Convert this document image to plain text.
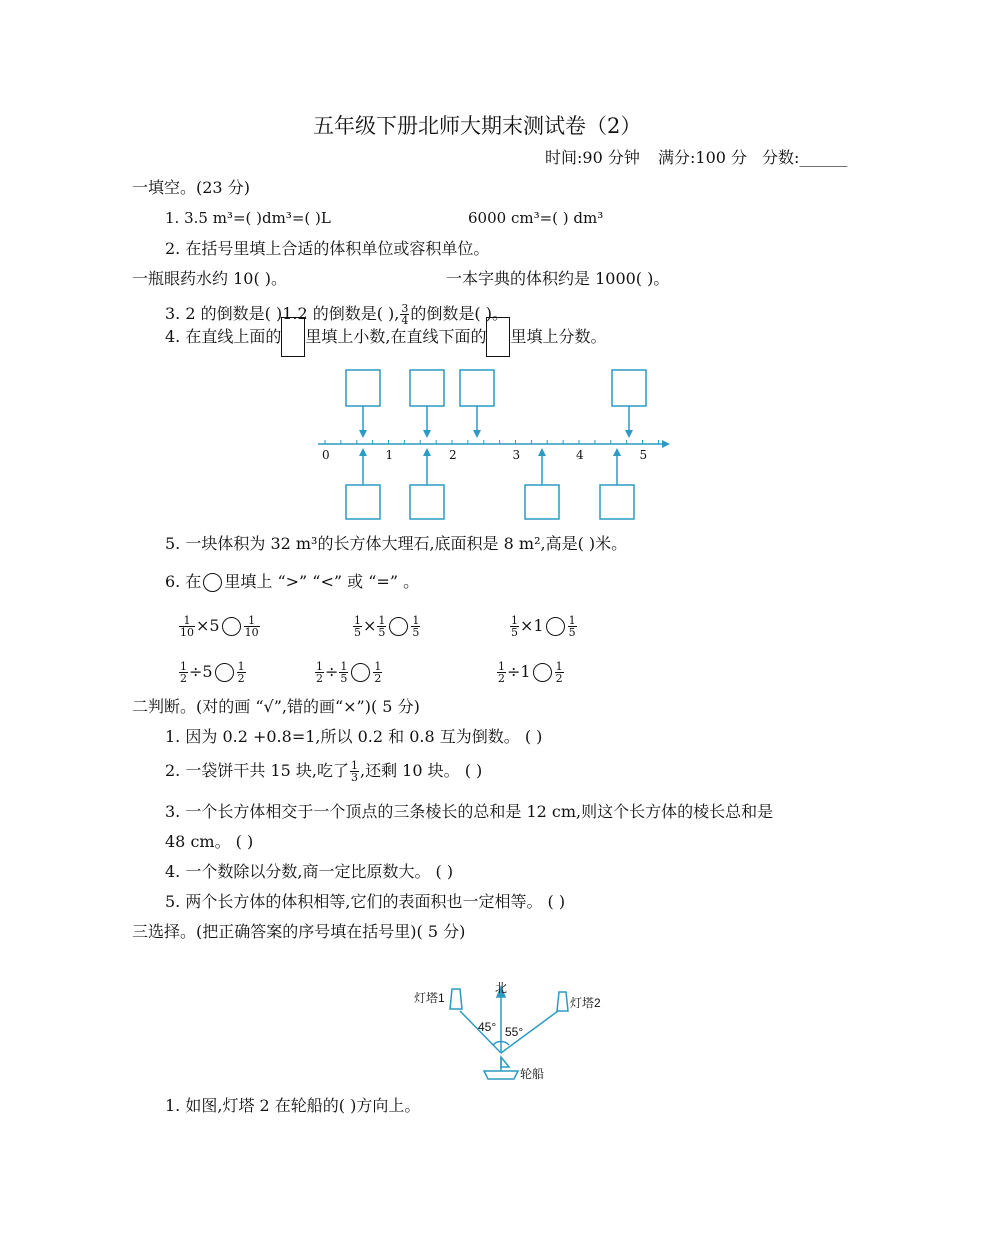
五年级下册北师大期末测试卷（2）
时间:90 分钟 满分:100 分 分数:______
一填空。(23 分)
1. 3.5 m³=( )dm³=( )L	6000 cm³=( ) dm³
2. 在括号里填上合适的体积单位或容积单位。
一瓶眼药水约 10( )。	一本字典的体积约是 1000( )。
3. 2 的倒数是( )1.2 的倒数是( ), $\frac{3}{4}$ 的倒数是( )。
4. 在直线上面的 里填上小数,在直线下面的 里填上分数。
0	1	2	3	4	5
5. 一块体积为 32 m³的长方体大理石,底面积是 8 m²,高是( )米。
6. 在 里填上 “>” “<” 或 “=” 。
$\frac{1}{10} \times 5 \frac{1}{10}$	$\frac{1}{5} \times \frac{1}{5} \frac{1}{5}$	$\frac{1}{5} \times 1 \frac{1}{5}$
$\frac{1}{2} \div 5 \frac{1}{2}$	$\frac{1}{2} \div \frac{1}{5} \frac{1}{2}$	$\frac{1}{2} \div 1 \frac{1}{2}$
二判断。(对的画 “√”,错的画“×”)( 5 分)
1. 因为 0.2 +0.8=1,所以 0.2 和 0.8 互为倒数。 ( )
2. 一袋饼干共 15 块,吃了 $\frac{1}{3}$ ,还剩 10 块。 ( )
3. 一个长方体相交于一个顶点的三条棱长的总和是 12 cm,则这个长方体的棱长总和是
48 cm。 ( )
4. 一个数除以分数,商一定比原数大。 ( )
5. 两个长方体的体积相等,它们的表面积也一定相等。 ( )
三选择。(把正确答案的序号填在括号里)( 5 分)
北
灯塔1	灯塔2
轮船
45° 55°
1. 如图,灯塔 2 在轮船的( )方向上。
